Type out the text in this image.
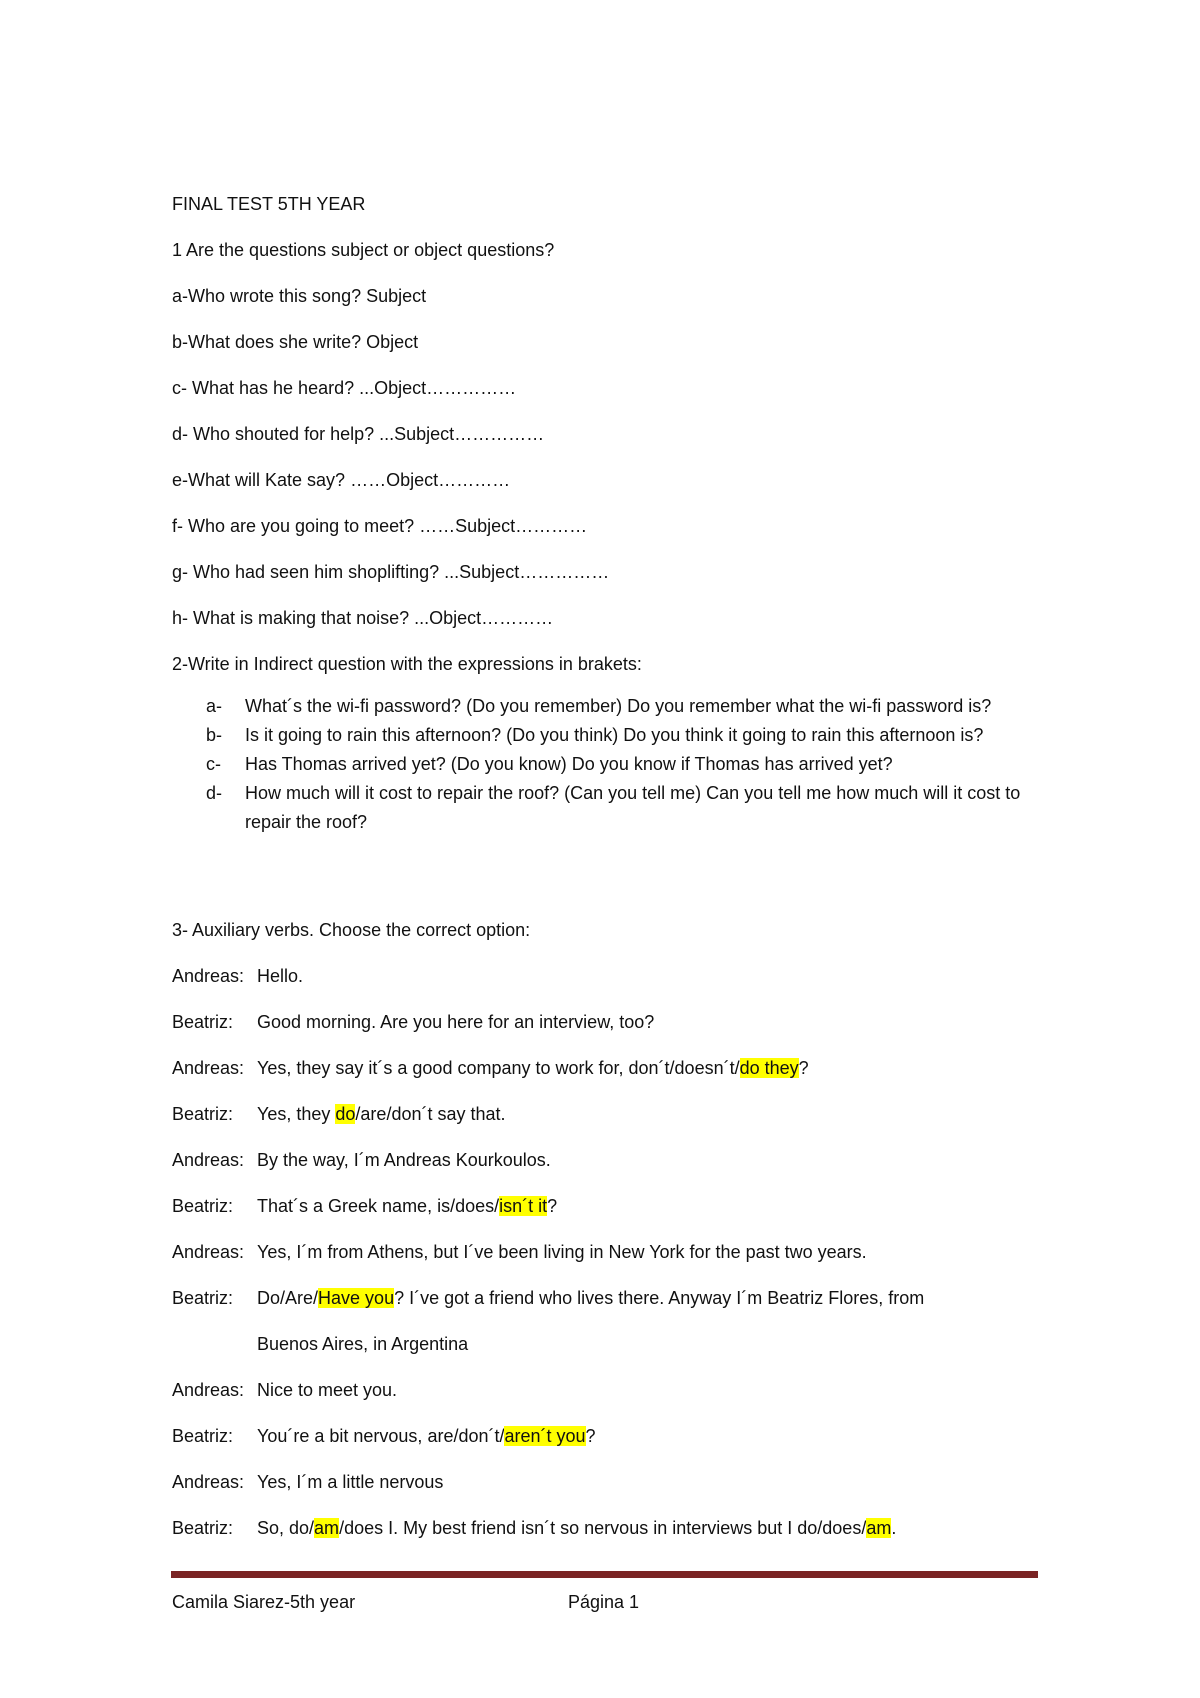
FINAL TEST 5TH YEAR
1 Are the questions subject or object questions?
a-Who wrote this song? Subject
b-What does she write? Object
c- What has he heard? ...Object……………
d- Who shouted for help? ...Subject……………
e-What will Kate say? ……Object…………
f- Who are you going to meet? ……Subject…………
g- Who had seen him shoplifting? ...Subject……………
h- What is making that noise? ...Object…………
2-Write in Indirect question with the expressions in brakets:
a- What´s the wi-fi password? (Do you remember) Do you remember what the wi-fi password is?
b- Is it going to rain this afternoon? (Do you think) Do you think it going to rain this afternoon is?
c- Has Thomas arrived yet? (Do you know) Do you know if Thomas has arrived yet?
d- How much will it cost to repair the roof? (Can you tell me) Can you tell me how much will it cost to repair the roof?
3- Auxiliary verbs. Choose the correct option:
Andreas: Hello.
Beatriz: Good morning. Are you here for an interview, too?
Andreas: Yes, they say it´s a good company to work for, don´t/doesn´t/do they?
Beatriz: Yes, they do/are/don´t say that.
Andreas: By the way, I´m Andreas Kourkoulos.
Beatriz: That´s a Greek name, is/does/isn´t it?
Andreas: Yes, I´m from Athens, but I´ve been living in New York for the past two years.
Beatriz: Do/Are/Have you? I´ve got a friend who lives there. Anyway I´m Beatriz Flores, from
Buenos Aires, in Argentina
Andreas: Nice to meet you.
Beatriz: You´re a bit nervous, are/don´t/aren´t you?
Andreas: Yes, I´m a little nervous
Beatriz: So, do/am/does I. My best friend isn´t so nervous in interviews but I do/does/am.
Camila Siarez-5th year	Página 1
